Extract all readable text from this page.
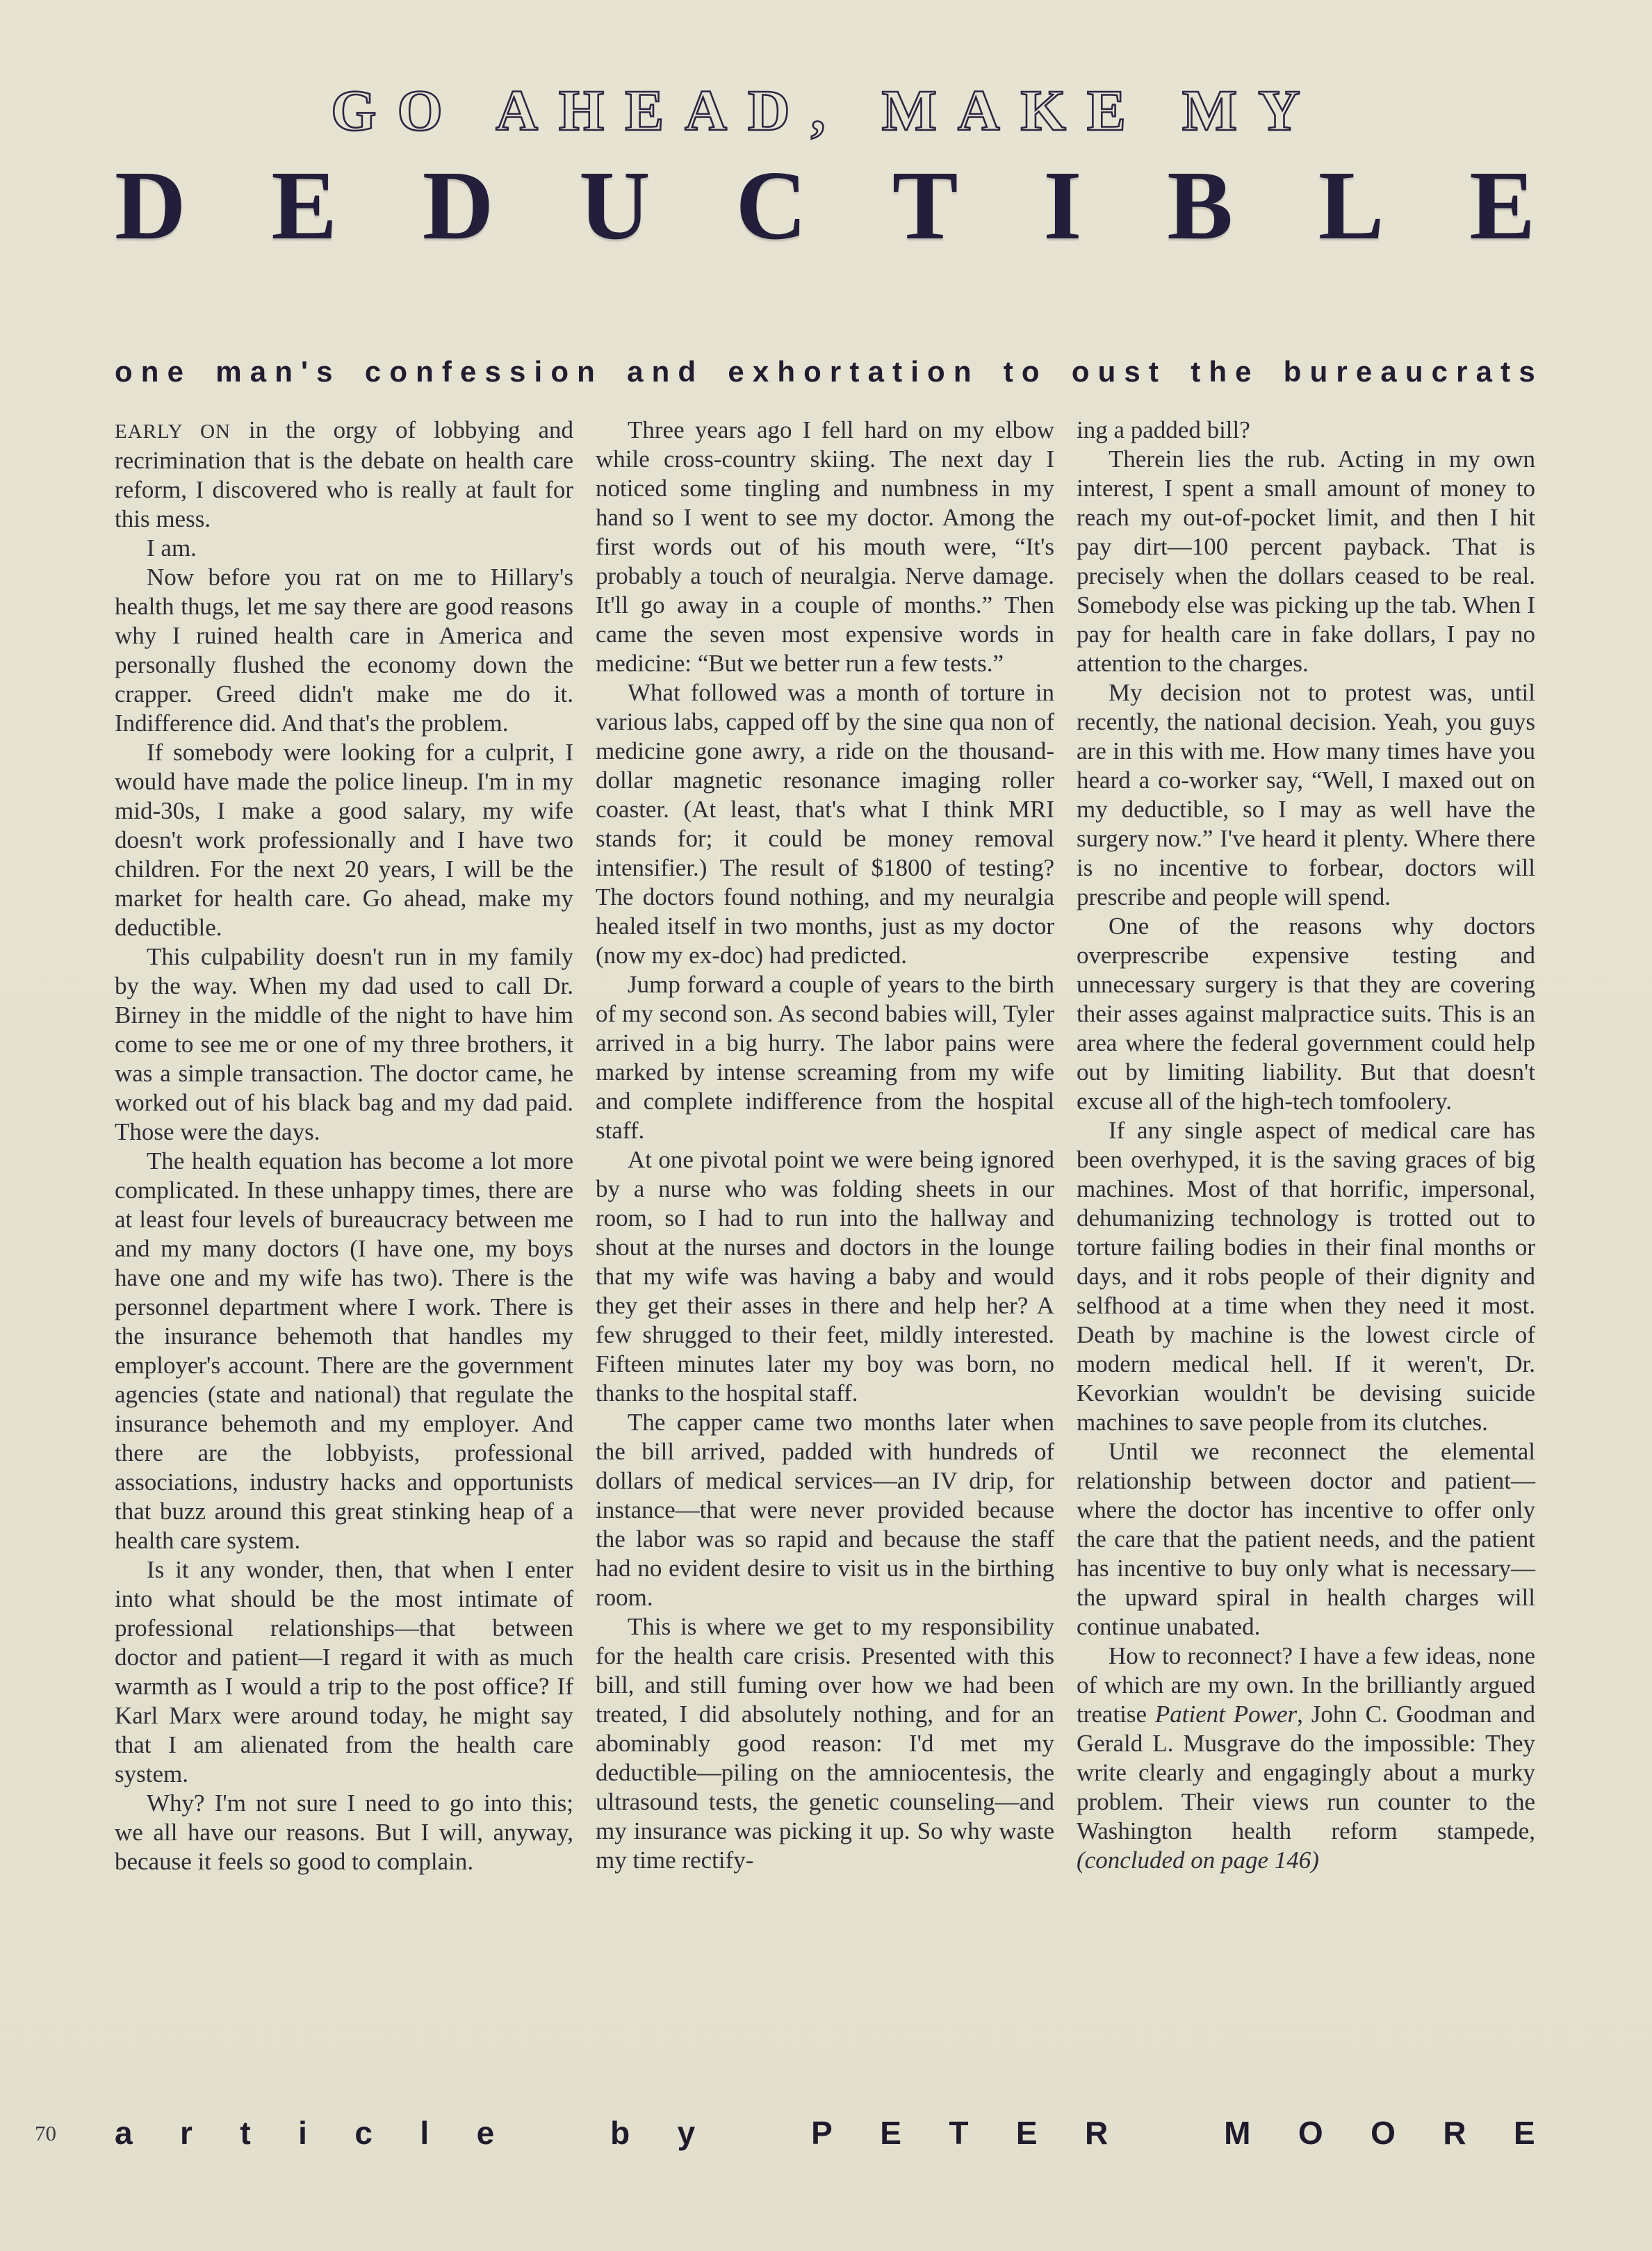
GO AHEAD, MAKE MY
D E D U C T I B L E
o n e
m a n ' s
c o n f e s s i o n
a n d
e x h o r t a t i o n
t o
o u s t
t h e
b u r e a u c r a t s

EARLY ON in the orgy of lobbying and recrimination that is the debate on health care reform, I discovered who is really at fault for this mess.

I am.

Now before you rat on me to Hillary's health thugs, let me say there are good reasons why I ruined health care in America and personally flushed the economy down the crapper. Greed didn't make me do it. Indifference did. And that's the problem.

If somebody were looking for a culprit, I would have made the police lineup. I'm in my mid-30s, I make a good salary, my wife doesn't work professionally and I have two children. For the next 20 years, I will be the market for health care. Go ahead, make my deductible.

This culpability doesn't run in my family by the way. When my dad used to call Dr. Birney in the middle of the night to have him come to see me or one of my three brothers, it was a simple transaction. The doctor came, he worked out of his black bag and my dad paid. Those were the days.

The health equation has become a lot more complicated. In these unhappy times, there are at least four levels of bureaucracy between me and my many doctors (I have one, my boys have one and my wife has two). There is the personnel department where I work. There is the insurance behemoth that handles my employer's account. There are the government agencies (state and national) that regulate the insurance behemoth and my employer. And there are the lobbyists, professional associations, industry hacks and opportunists that buzz around this great stinking heap of a health care system.

Is it any wonder, then, that when I enter into what should be the most intimate of professional relationships—that between doctor and patient—I regard it with as much warmth as I would a trip to the post office? If Karl Marx were around today, he might say that I am alienated from the health care system.

Why? I'm not sure I need to go into this; we all have our reasons. But I will, anyway, because it feels so good to complain.

Three years ago I fell hard on my elbow while cross-country skiing. The next day I noticed some tingling and numbness in my hand so I went to see my doctor. Among the first words out of his mouth were, “It's probably a touch of neuralgia. Nerve damage. It'll go away in a couple of months.” Then came the seven most expensive words in medicine: “But we better run a few tests.”

What followed was a month of torture in various labs, capped off by the sine qua non of medicine gone awry, a ride on the thousand-dollar magnetic resonance imaging roller coaster. (At least, that's what I think MRI stands for; it could be money removal intensifier.) The result of $1800 of testing? The doctors found nothing, and my neuralgia healed itself in two months, just as my doctor (now my ex-doc) had predicted.

Jump forward a couple of years to the birth of my second son. As second babies will, Tyler arrived in a big hurry. The labor pains were marked by intense screaming from my wife and complete indifference from the hospital staff.

At one pivotal point we were being ignored by a nurse who was folding sheets in our room, so I had to run into the hallway and shout at the nurses and doctors in the lounge that my wife was having a baby and would they get their asses in there and help her? A few shrugged to their feet, mildly interested. Fifteen minutes later my boy was born, no thanks to the hospital staff.

The capper came two months later when the bill arrived, padded with hundreds of dollars of medical services—an IV drip, for instance—that were never provided because the labor was so rapid and because the staff had no evident desire to visit us in the birthing room.

This is where we get to my responsibility for the health care crisis. Presented with this bill, and still fuming over how we had been treated, I did absolutely nothing, and for an abominably good reason: I'd met my deductible—piling on the amniocentesis, the ultrasound tests, the genetic counseling—and my insurance was picking it up. So why waste my time rectify-

ing a padded bill?

Therein lies the rub. Acting in my own interest, I spent a small amount of money to reach my out-of-pocket limit, and then I hit pay dirt—100 percent payback. That is precisely when the dollars ceased to be real. Somebody else was picking up the tab. When I pay for health care in fake dollars, I pay no attention to the charges.

My decision not to protest was, until recently, the national decision. Yeah, you guys are in this with me. How many times have you heard a co-worker say, “Well, I maxed out on my deductible, so I may as well have the surgery now.” I've heard it plenty. Where there is no incentive to forbear, doctors will prescribe and people will spend.

One of the reasons why doctors overprescribe expensive testing and unnecessary surgery is that they are covering their asses against malpractice suits. This is an area where the federal government could help out by limiting liability. But that doesn't excuse all of the high-tech tomfoolery.

If any single aspect of medical care has been overhyped, it is the saving graces of big machines. Most of that horrific, impersonal, dehumanizing technology is trotted out to torture failing bodies in their final months or days, and it robs people of their dignity and selfhood at a time when they need it most. Death by machine is the lowest circle of modern medical hell. If it weren't, Dr. Kevorkian wouldn't be devising suicide machines to save people from its clutches.

Until we reconnect the elemental relationship between doctor and patient—where the doctor has incentive to offer only the care that the patient needs, and the patient has incentive to buy only what is necessary—the upward spiral in health charges will continue unabated.

How to reconnect? I have a few ideas, none of which are my own. In the brilliantly argued treatise Patient Power, John C. Goodman and Gerald L. Musgrave do the impossible: They write clearly and engagingly about a murky problem. Their views run counter to the Washington health reform stampede, (concluded on page 146)

70 a r t i c l e
	b y
	P E T E R
	M O O R E
